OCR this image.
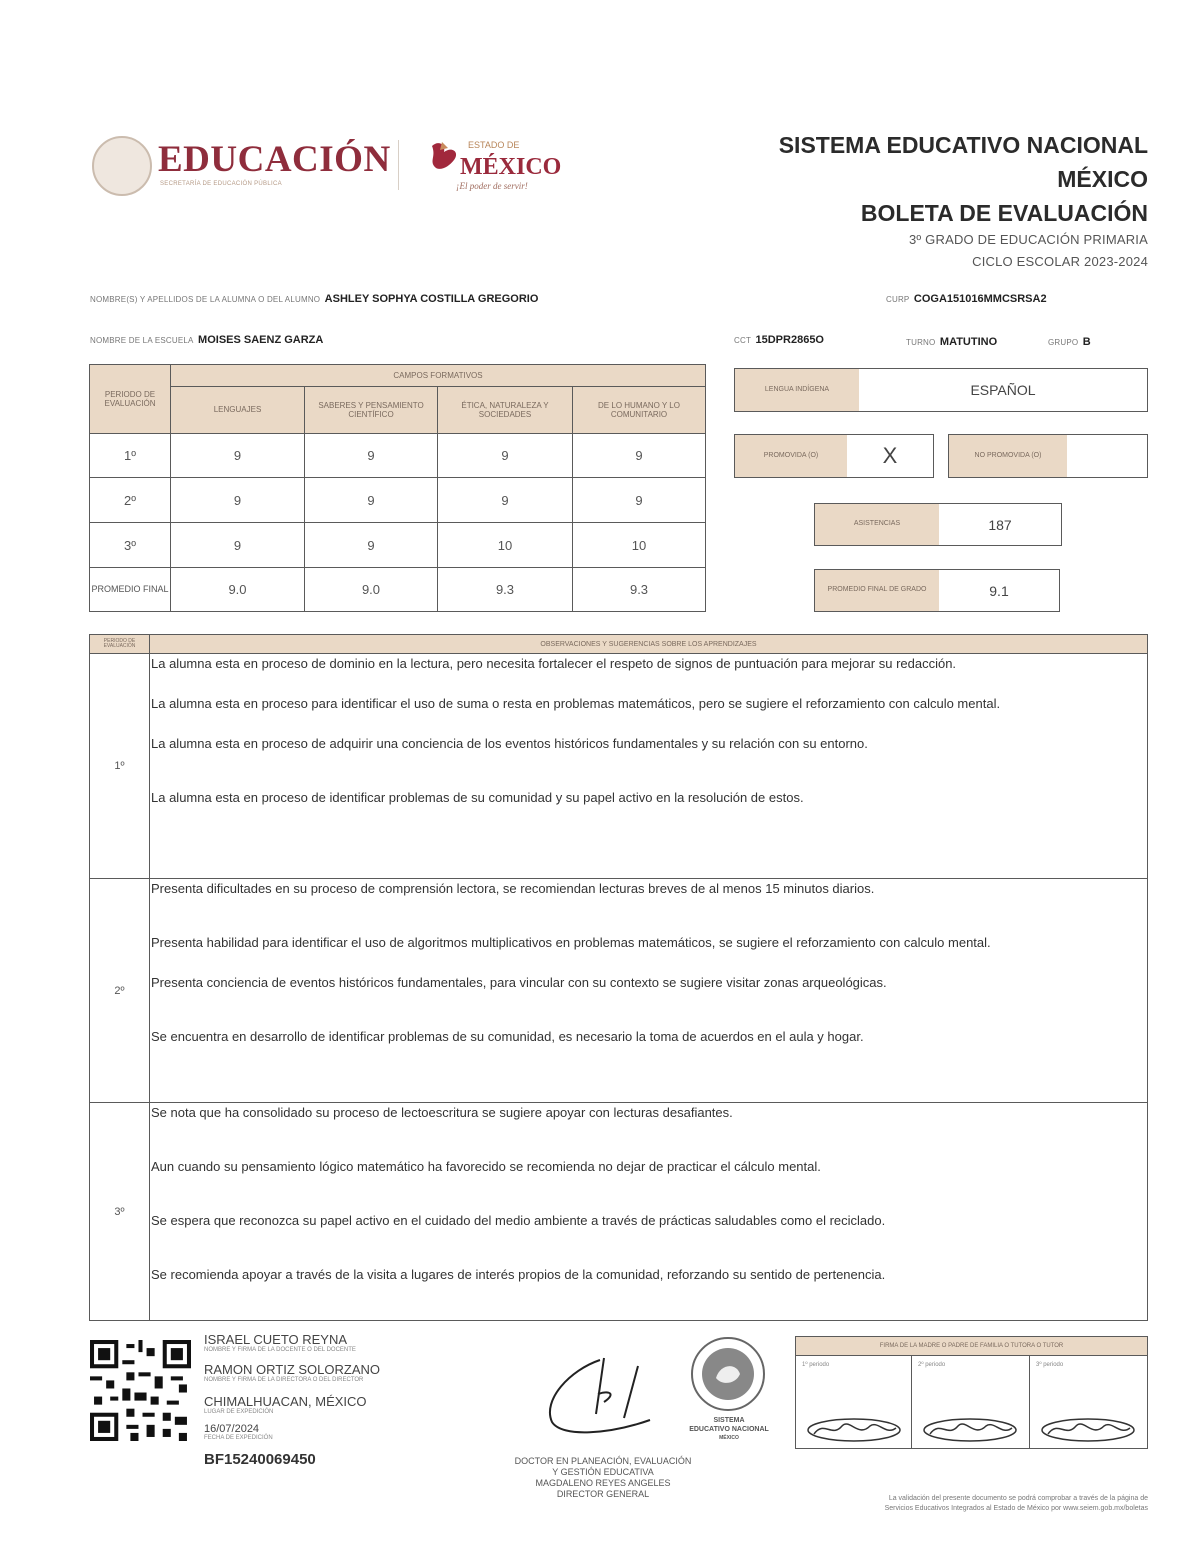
EDUCACIÓN
SECRETARÍA DE EDUCACIÓN PÚBLICA
ESTADO DE
MÉXICO
¡El poder de servir!
SISTEMA EDUCATIVO NACIONAL
MÉXICO
BOLETA DE EVALUACIÓN
3º GRADO DE EDUCACIÓN PRIMARIA
CICLO ESCOLAR 2023-2024
NOMBRE(S) Y APELLIDOS DE LA ALUMNA O DEL ALUMNO ASHLEY SOPHYA COSTILLA GREGORIO	CURP COGA151016MMCSRSA2
NOMBRE DE LA ESCUELA MOISES SAENZ GARZA	CCT 15DPR2865O	TURNO MATUTINO	GRUPO B
PERIODO DE EVALUACIÓN	CAMPOS FORMATIVOS			
	LENGUAJES	SABERES Y PENSAMIENTO CIENTÍFICO	ÉTICA, NATURALEZA Y SOCIEDADES	DE LO HUMANO Y LO COMUNITARIO
1º	9	9	9	9
2º	9	9	9	9
3º	9	9	10	10
PROMEDIO FINAL	9.0	9.0	9.3	9.3
LENGUA INDÍGENA	ESPAÑOL
PROMOVIDA (O)	X	NO PROMOVIDA (O)
ASISTENCIAS	187
PROMEDIO FINAL DE GRADO	9.1
PERIODO DE EVALUACIÓN	OBSERVACIONES Y SUGERENCIAS SOBRE LOS APRENDIZAJES
1º	La alumna esta en proceso de dominio en la lectura, pero necesita fortalecer el respeto de signos de puntuación para mejorar su redacción.

La alumna esta en proceso para identificar el uso de suma o resta en problemas matemáticos, pero se sugiere el reforzamiento con calculo mental.

La alumna esta en proceso de adquirir una conciencia de los eventos históricos fundamentales y su relación con su entorno.

La alumna esta en proceso de identificar problemas de su comunidad y su papel activo en la resolución de estos.

2º	Presenta dificultades en su proceso de comprensión lectora, se recomiendan lecturas breves de al menos 15 minutos diarios.

Presenta habilidad para identificar el uso de algoritmos multiplicativos en problemas matemáticos, se sugiere el reforzamiento con calculo mental.

Presenta conciencia de eventos históricos fundamentales, para vincular con su contexto se sugiere visitar zonas arqueológicas.

Se encuentra en desarrollo de identificar problemas de su comunidad, es necesario la toma de acuerdos en el aula y hogar.

3º	Se nota que ha consolidado su proceso de lectoescritura se sugiere apoyar con lecturas desafiantes.

Aun cuando su pensamiento lógico matemático ha favorecido se recomienda no dejar de practicar el cálculo mental.

Se espera que reconozca su papel activo en el cuidado del medio ambiente a través de prácticas saludables como el reciclado.

Se recomienda apoyar a través de la visita a lugares de interés propios de la comunidad, reforzando su sentido de pertenencia.

ISRAEL CUETO REYNA
NOMBRE Y FIRMA DE LA DOCENTE O DEL DOCENTE
RAMON ORTIZ SOLORZANO
NOMBRE Y FIRMA DE LA DIRECTORA O DEL DIRECTOR
CHIMALHUACAN, MÉXICO
LUGAR DE EXPEDICIÓN
16/07/2024
FECHA DE EXPEDICIÓN
BF15240069450
SISTEMA
EDUCATIVO NACIONAL
MÉXICO
DOCTOR EN PLANEACIÓN, EVALUACIÓN
Y GESTIÓN EDUCATIVA
MAGDALENO REYES ANGELES
DIRECTOR GENERAL
FIRMA DE LA MADRE O PADRE DE FAMILIA O TUTORA O TUTOR

1º periodo	2º periodo	3º periodo
La validación del presente documento se podrá comprobar a través de la página de
Servicios Educativos Integrados al Estado de México por www.seiem.gob.mx/boletas
